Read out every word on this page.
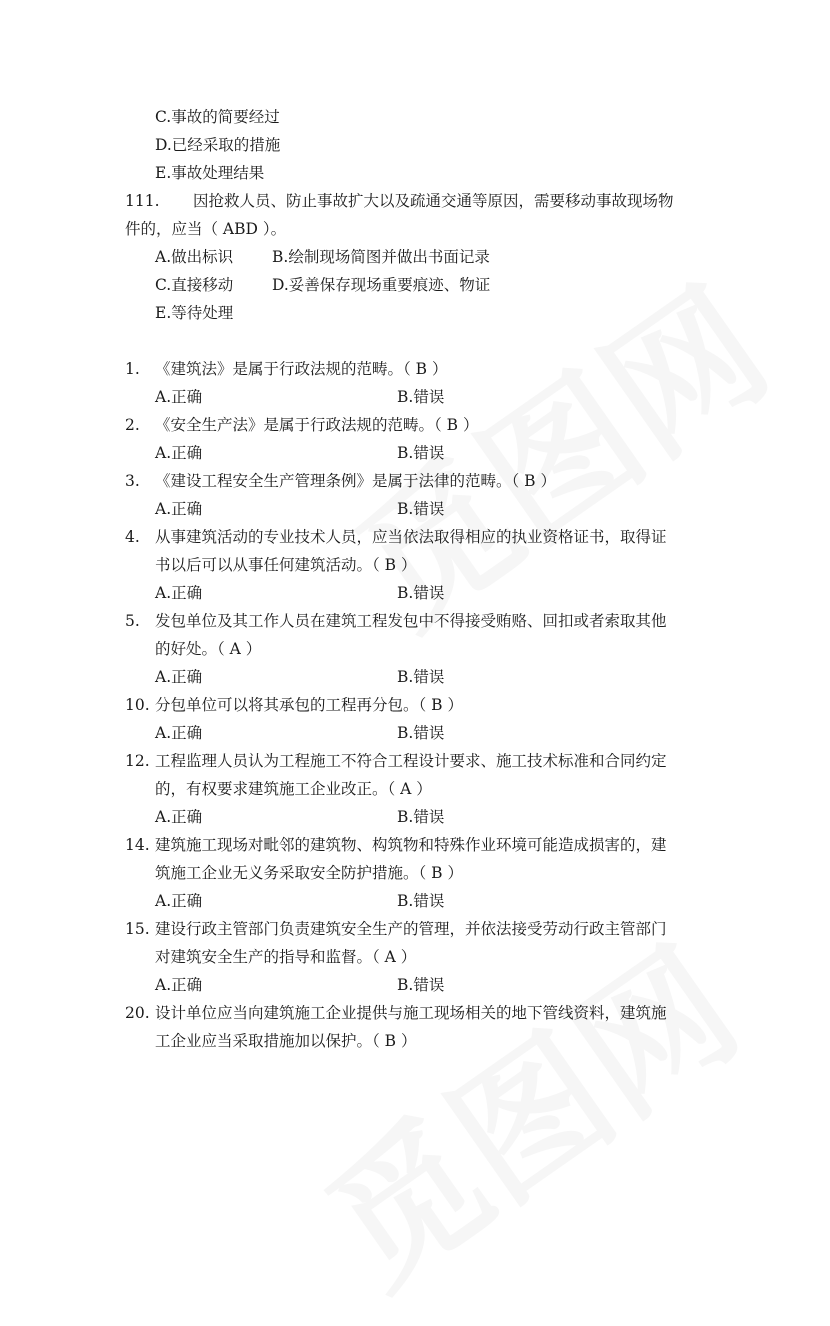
C.事故的简要经过
D.已经采取的措施
E.事故处理结果
111. 因抢救人员、防止事故扩大以及疏通交通等原因，需要移动事故现场物
件的，应当（ ABD ）。
A.做出标识	B.绘制现场简图并做出书面记录
C.直接移动	D.妥善保存现场重要痕迹、物证
E.等待处理
1. 《建筑法》是属于行政法规的范畴。（ B ）
A.正确	B.错误
2. 《安全生产法》是属于行政法规的范畴。（ B ）
A.正确	B.错误
3. 《建设工程安全生产管理条例》是属于法律的范畴。（ B ）
A.正确	B.错误
4. 从事建筑活动的专业技术人员，应当依法取得相应的执业资格证书，取得证
书以后可以从事任何建筑活动。（ B ）
A.正确	B.错误
5. 发包单位及其工作人员在建筑工程发包中不得接受贿赂、回扣或者索取其他
的好处。（ A ）
A.正确	B.错误
10. 分包单位可以将其承包的工程再分包。（ B ）
A.正确	B.错误
12. 工程监理人员认为工程施工不符合工程设计要求、施工技术标准和合同约定
的，有权要求建筑施工企业改正。（ A ）
A.正确	B.错误
14. 建筑施工现场对毗邻的建筑物、构筑物和特殊作业环境可能造成损害的，建
筑施工企业无义务采取安全防护措施。（ B ）
A.正确	B.错误
15. 建设行政主管部门负责建筑安全生产的管理，并依法接受劳动行政主管部门
对建筑安全生产的指导和监督。（ A ）
A.正确	B.错误
20. 设计单位应当向建筑施工企业提供与施工现场相关的地下管线资料，建筑施
工企业应当采取措施加以保护。（ B ）
